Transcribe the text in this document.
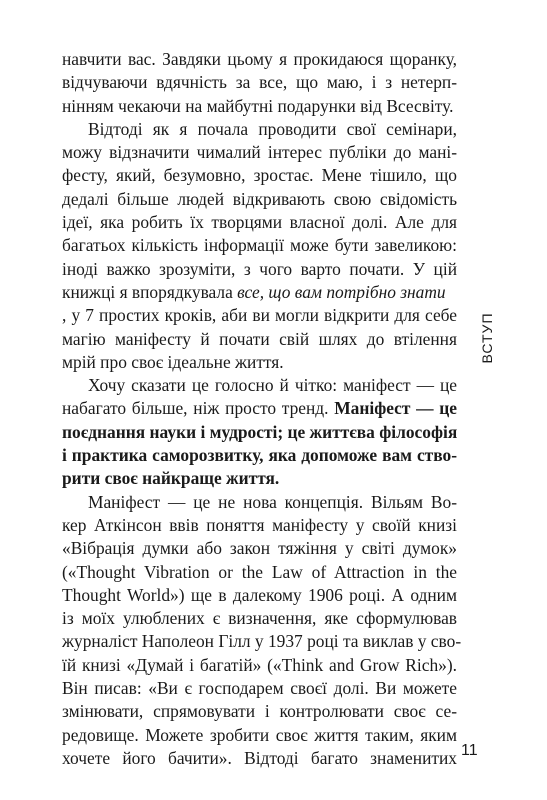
навчити вас. Завдяки цьому я прокидаюся щоранку,
відчуваючи вдячність за все, що маю, і з нетерп-
нінням чекаючи на майбутні подарунки від Всесвіту.
Відтоді як я почала проводити свої семінари,
можу відзначити чималий інтерес публіки до мані-
фесту, який, безумовно, зростає. Мене тішило, що
дедалі більше людей відкривають свою свідомість
ідеї, яка робить їх творцями власної долі. Але для
багатьох кількість інформації може бути завеликою:
іноді важко зрозуміти, з чого варто почати. У цій
книжці я впорядкувала все, що вам потрібно знати
, у 7 простих кроків, аби ви могли відкрити для себе
магію маніфесту й почати свій шлях до втілення
мрій про своє ідеальне життя.
Хочу сказати це голосно й чітко: маніфест — це
набагато більше, ніж просто тренд. Маніфест — це
поєднання науки і мудрості; це життєва філософія
і практика саморозвитку, яка допоможе вам ство-
рити своє найкраще життя.
Маніфест — це не нова концепція. Вільям Во-
кер Аткінсон ввів поняття маніфесту у своїй книзі
«Вібрація думки або закон тяжіння у світі думок»
(«Thought Vibration or the Law of Attraction in the
Thought World») ще в далекому 1906 році. А одним
із моїх улюблених є визначення, яке сформулював
журналіст Наполеон Гілл у 1937 році та виклав у сво-
їй книзі «Думай і багатій» («Think and Grow Rich»).
Він писав: «Ви є господарем своєї долі. Ви можете
змінювати, спрямовувати і контролювати своє се-
редовище. Можете зробити своє життя таким, яким
хочете його бачити». Відтоді багато знаменитих
ВСТУП
11
